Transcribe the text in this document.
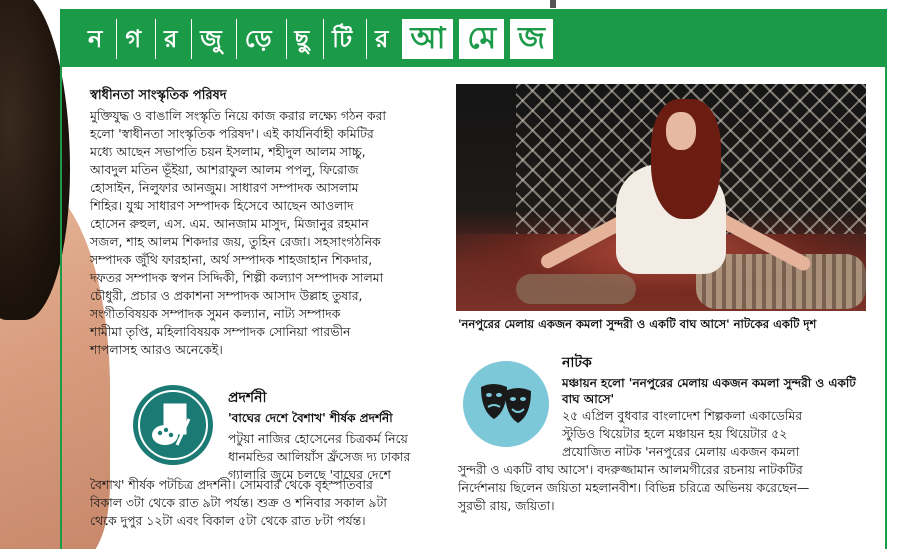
ন গ র জু ড়ে ছু টি র আ মে জ

স্বাধীনতা সাংস্কৃতিক পরিষদ

মুক্তিযুদ্ধ ও বাঙালি সংস্কৃতি নিয়ে কাজ করার লক্ষ্যে গঠন করা

হলো 'স্বাধীনতা সাংস্কৃতিক পরিষদ'। এই কার্যনির্বাহী কমিটির

মধ্যে আছেন সভাপতি চয়ন ইসলাম, শহীদুল আলম সাচ্চু,

আবদুল মতিন ভূঁইয়া, আশরাফুল আলম পপলু, ফিরোজ

হোসাইন, নিলুফার আনজুম। সাধারণ সম্পাদক আসলাম

শিহির। যুগ্ম সাধারণ সম্পাদক হিসেবে আছেন আওলাদ

হোসেন রুহুল, এস. এম. আনজাম মাসুদ, মিজানুর রহমান

সজল, শাহ আলম শিকদার জয়, তুহিন রেজা। সহসাংগঠনিক

সম্পাদক জুঁথি ফারহানা, অর্থ সম্পাদক শাহজাহান শিকদার,

দফতর সম্পাদক স্বপন সিদ্দিকী, শিল্পী কল্যাণ সম্পাদক সালমা

চৌধুরী, প্রচার ও প্রকাশনা সম্পাদক আসাদ উল্লাহ তুষার,

সংগীতবিষয়ক সম্পাদক সুমন কল্যান, নাট্য সম্পাদক

শামীমা তৃপ্তি, মহিলাবিষয়ক সম্পাদক সোনিয়া পারভীন

শাপলাসহ আরও অনেকেই।

'ননপুরের মেলায় একজন কমলা সুন্দরী ও একটি বাঘ আসে' নাটকের একটি দৃশ

প্রদর্শনী

'বাঘের দেশে বৈশাখ' শীর্ষক প্রদর্শনী

পটুয়া নাজির হোসেনের চিত্রকর্ম নিয়ে

ধানমন্ডির আলিয়াঁস ফ্রঁসেজ দ্য ঢাকার

গ্যালারি জুমে চলছে 'বাঘের দেশে

বৈশাখ' শীর্ষক পটচিত্র প্রদর্শনী। সোমবার থেকে বৃহস্পতিবার

বিকাল ৩টা থেকে রাত ৯টা পর্যন্ত। শুক্র ও শনিবার সকাল ৯টা

থেকে দুপুর ১২টা এবং বিকাল ৫টা থেকে রাত ৮টা পর্যন্ত।

নাটক

মঞ্চায়ন হলো 'ননপুরের মেলায় একজন কমলা সুন্দরী ও একটি বাঘ আসে'

২৫ এপ্রিল বুধবার বাংলাদেশ শিল্পকলা একাডেমির

স্টুডিও থিয়েটার হলে মঞ্চায়ন হয় থিয়েটার ৫২

প্রযোজিত নাটক 'ননপুরের মেলায় একজন কমলা

সুন্দরী ও একটি বাঘ আসে'। বদরুজ্জামান আলমগীরের রচনায় নাটকটির

নির্দেশনায় ছিলেন জয়িতা মহলানবীশ। বিভিন্ন চরিত্রে অভিনয় করেছেন—

সুরভী রায়, জয়িতা।
